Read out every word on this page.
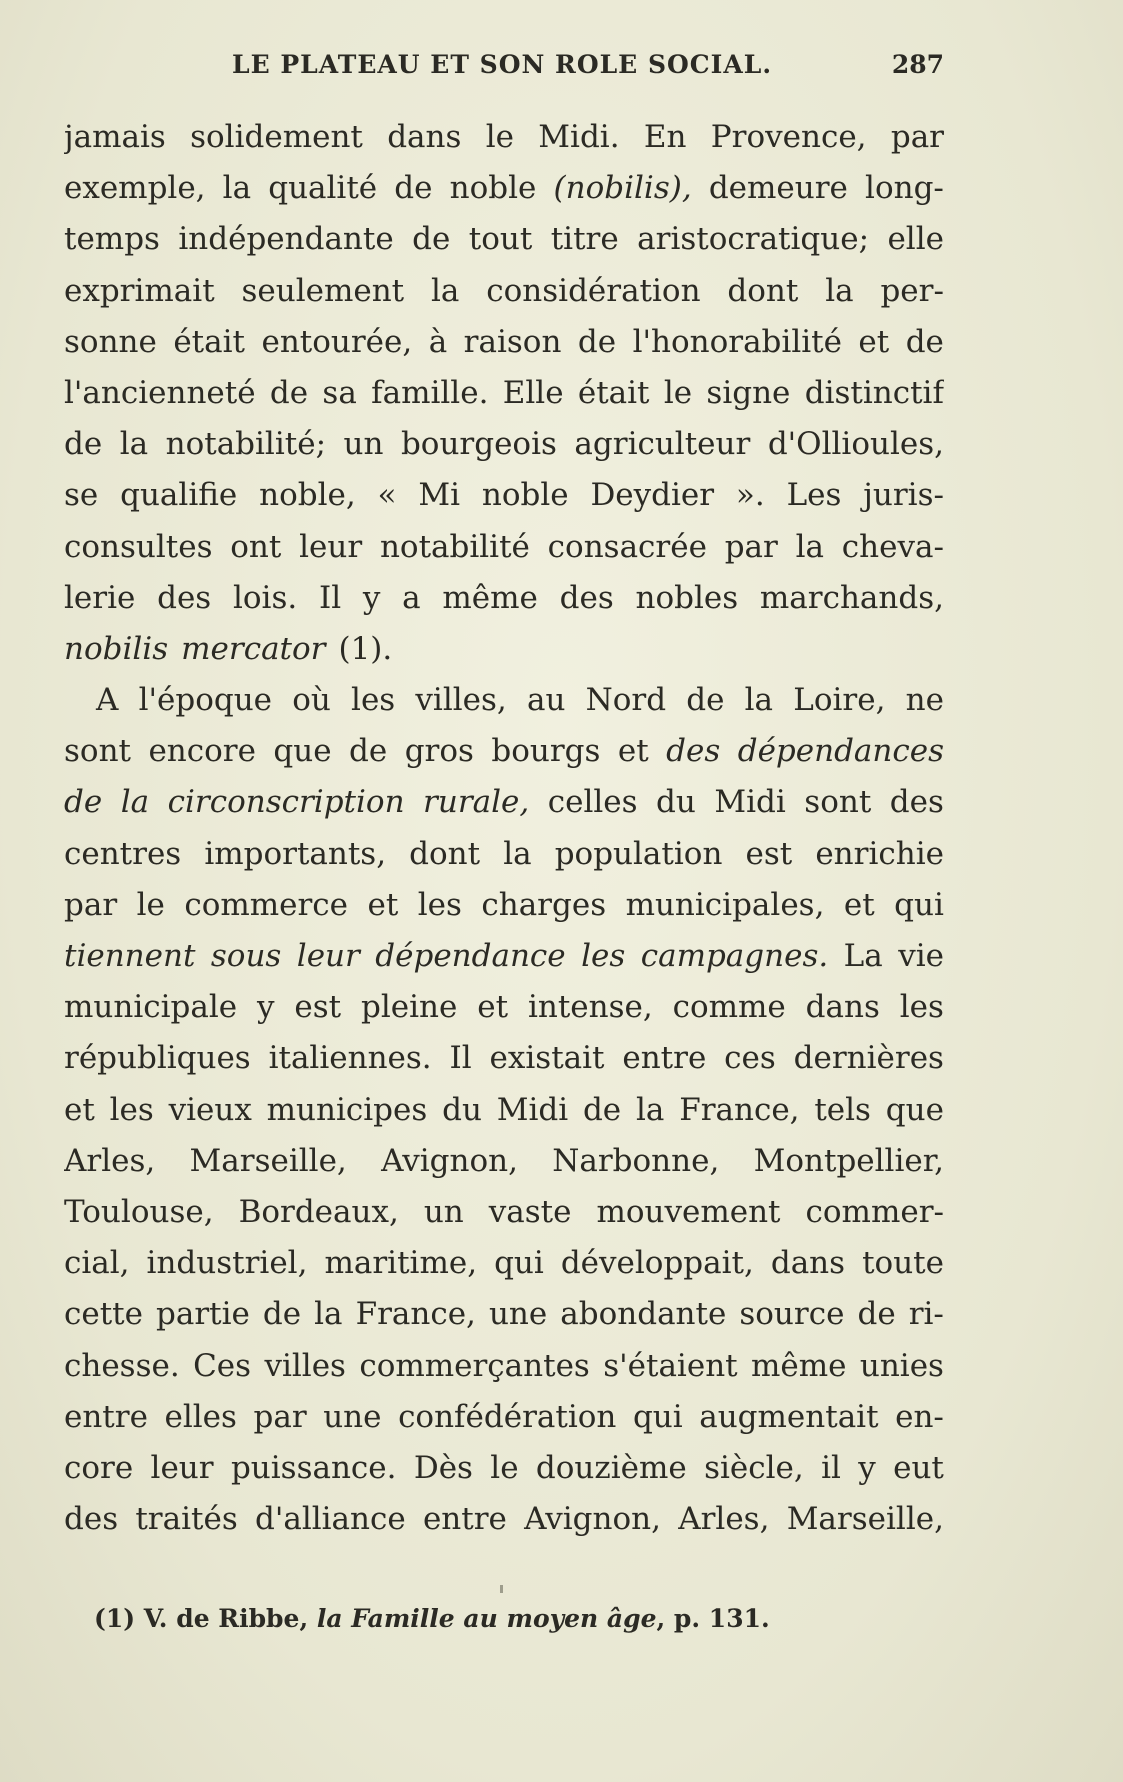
LE PLATEAU ET SON ROLE SOCIAL.	287
jamais solidement dans le Midi. En Provence, par
exemple, la qualité de noble (nobilis), demeure long-
temps indépendante de tout titre aristocratique; elle
exprimait seulement la considération dont la per-
sonne était entourée, à raison de l'honorabilité et de
l'ancienneté de sa famille. Elle était le signe distinctif
de la notabilité; un bourgeois agriculteur d'Ollioules,
se qualifie noble, « Mi noble Deydier ». Les juris-
consultes ont leur notabilité consacrée par la cheva-
lerie des lois. Il y a même des nobles marchands,
nobilis mercator (1).
A l'époque où les villes, au Nord de la Loire, ne
sont encore que de gros bourgs et des dépendances
de la circonscription rurale, celles du Midi sont des
centres importants, dont la population est enrichie
par le commerce et les charges municipales, et qui
tiennent sous leur dépendance les campagnes. La vie
municipale y est pleine et intense, comme dans les
républiques italiennes. Il existait entre ces dernières
et les vieux municipes du Midi de la France, tels que
Arles, Marseille, Avignon, Narbonne, Montpellier,
Toulouse, Bordeaux, un vaste mouvement commer-
cial, industriel, maritime, qui développait, dans toute
cette partie de la France, une abondante source de ri-
chesse. Ces villes commerçantes s'étaient même unies
entre elles par une confédération qui augmentait en-
core leur puissance. Dès le douzième siècle, il y eut
des traités d'alliance entre Avignon, Arles, Marseille,
(1) V. de Ribbe, la Famille au moyen âge, p. 131.
